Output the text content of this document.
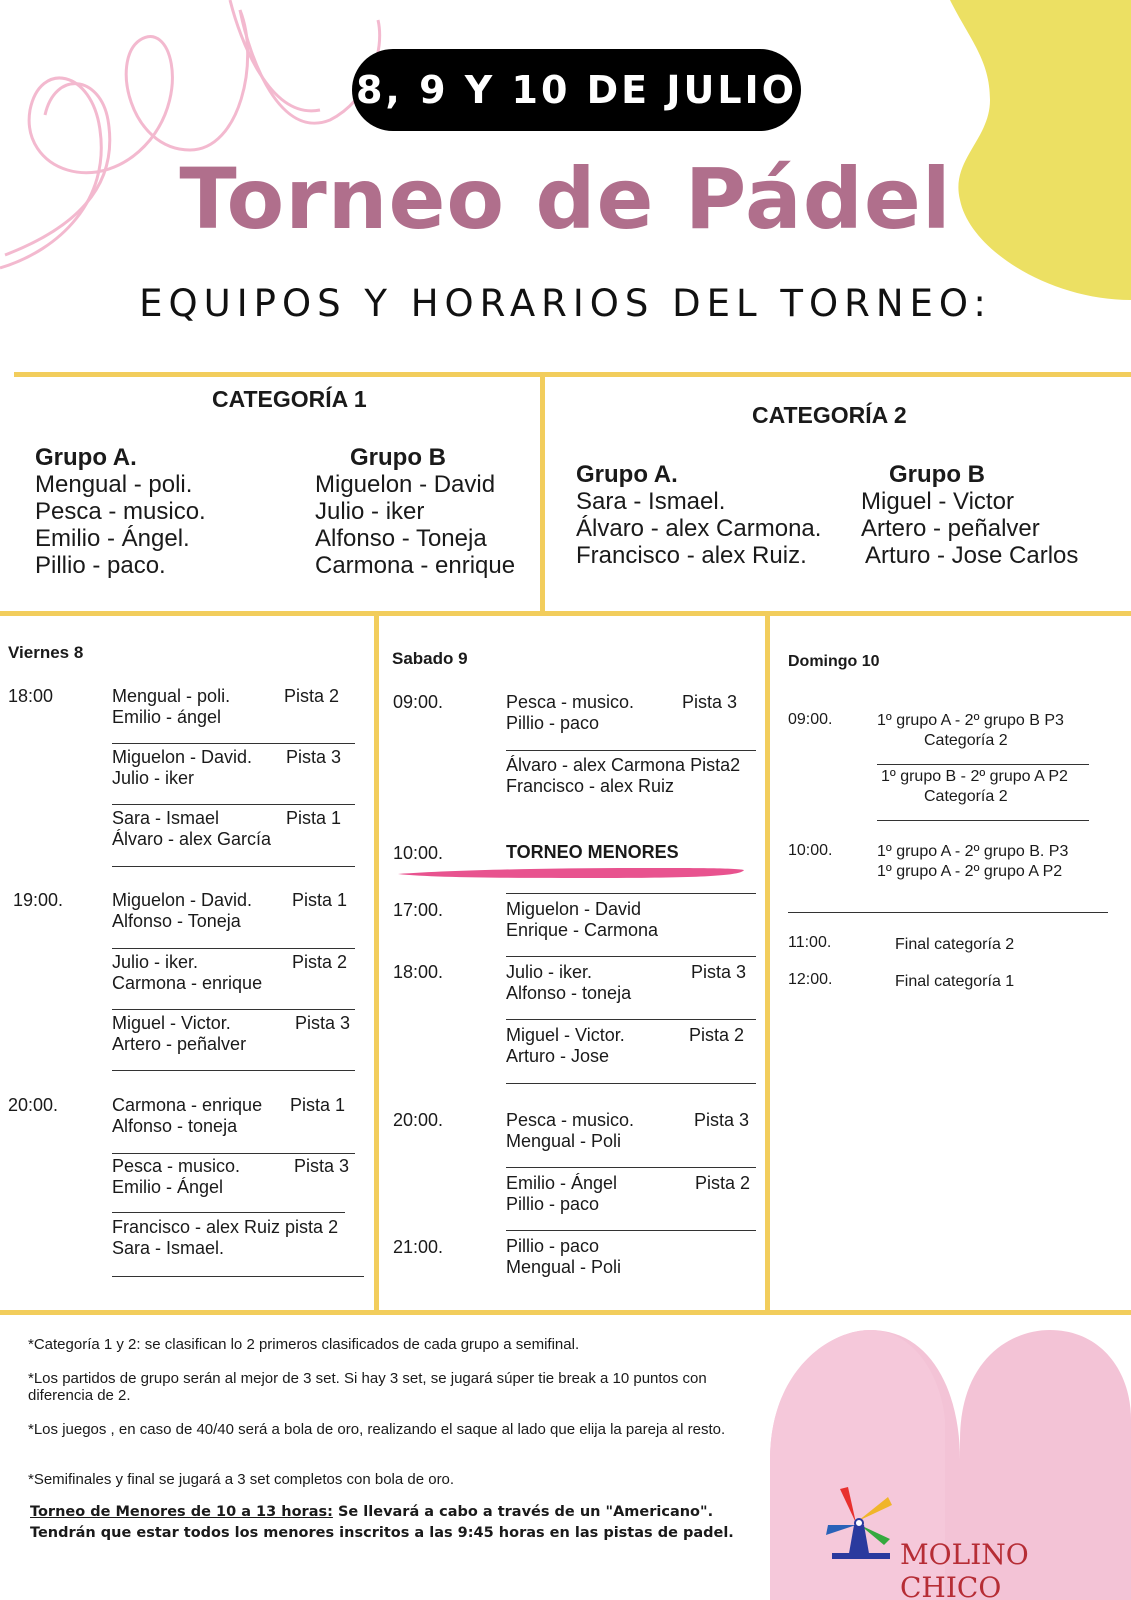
8, 9 Y 10 DE JULIO
Torneo de Pádel
EQUIPOS Y HORARIOS DEL TORNEO:
CATEGORÍA 1
Grupo A.
Mengual - poli.
Pesca - musico.
Emilio - Ángel.
Pillio - paco.
Grupo B
Miguelon - David
Julio - iker
Alfonso - Toneja
Carmona - enrique
CATEGORÍA 2
Grupo A.
Sara - Ismael.
Álvaro - alex Carmona.
Francisco - alex Ruiz.
Grupo B
Miguel - Victor
Artero - peñalver
Arturo - Jose Carlos
Viernes 8
18:00
19:00.
20:00.
Mengual - poli.
Emilio - ángel
Pista 2
Miguelon - David.
Julio - iker
Pista 3
Sara - Ismael
Álvaro - alex García
Pista 1
Miguelon - David.
Alfonso - Toneja
Pista 1
Julio - iker.
Carmona - enrique
Pista 2
Miguel - Victor.
Artero - peñalver
Pista 3
Carmona - enrique
Alfonso - toneja
Pista 1
Pesca - musico.
Emilio - Ángel
Pista 3
Francisco - alex Ruiz pista 2
Sara - Ismael.
Sabado 9
09:00.
10:00.
17:00.
18:00.
20:00.
21:00.
Pesca - musico.
Pillio - paco
Pista 3
Álvaro - alex Carmona Pista2
Francisco - alex Ruiz
TORNEO MENORES
Miguelon - David
Enrique - Carmona
Julio - iker.
Alfonso - toneja
Pista 3
Miguel - Victor.
Arturo - Jose
Pista 2
Pesca - musico.
Mengual - Poli
Pista 3
Emilio - Ángel
Pillio - paco
Pista 2
Pillio - paco
Mengual - Poli
Domingo 10
09:00.
10:00.
11:00.
12:00.
1º grupo A - 2º grupo B P3
Categoría 2
1º grupo B - 2º grupo A P2
Categoría 2
1º grupo A - 2º grupo B. P3
1º grupo A - 2º grupo A P2
Final categoría 2
Final categoría 1
*Categoría 1 y 2: se clasifican lo 2 primeros clasificados de cada grupo a semifinal.
*Los partidos de grupo serán al mejor de 3 set. Si hay 3 set, se jugará súper tie break a 10 puntos con diferencia de 2.
*Los juegos , en caso de 40/40 será a bola de oro, realizando el saque al lado que elija la pareja al resto.
*Semifinales y final se jugará a 3 set completos con bola de oro.
Torneo de Menores de 10 a 13 horas: Se llevará a cabo a través de un "Americano".
Tendrán que estar todos los menores inscritos a las 9:45 horas en las pistas de padel.
MOLINO CHICO
